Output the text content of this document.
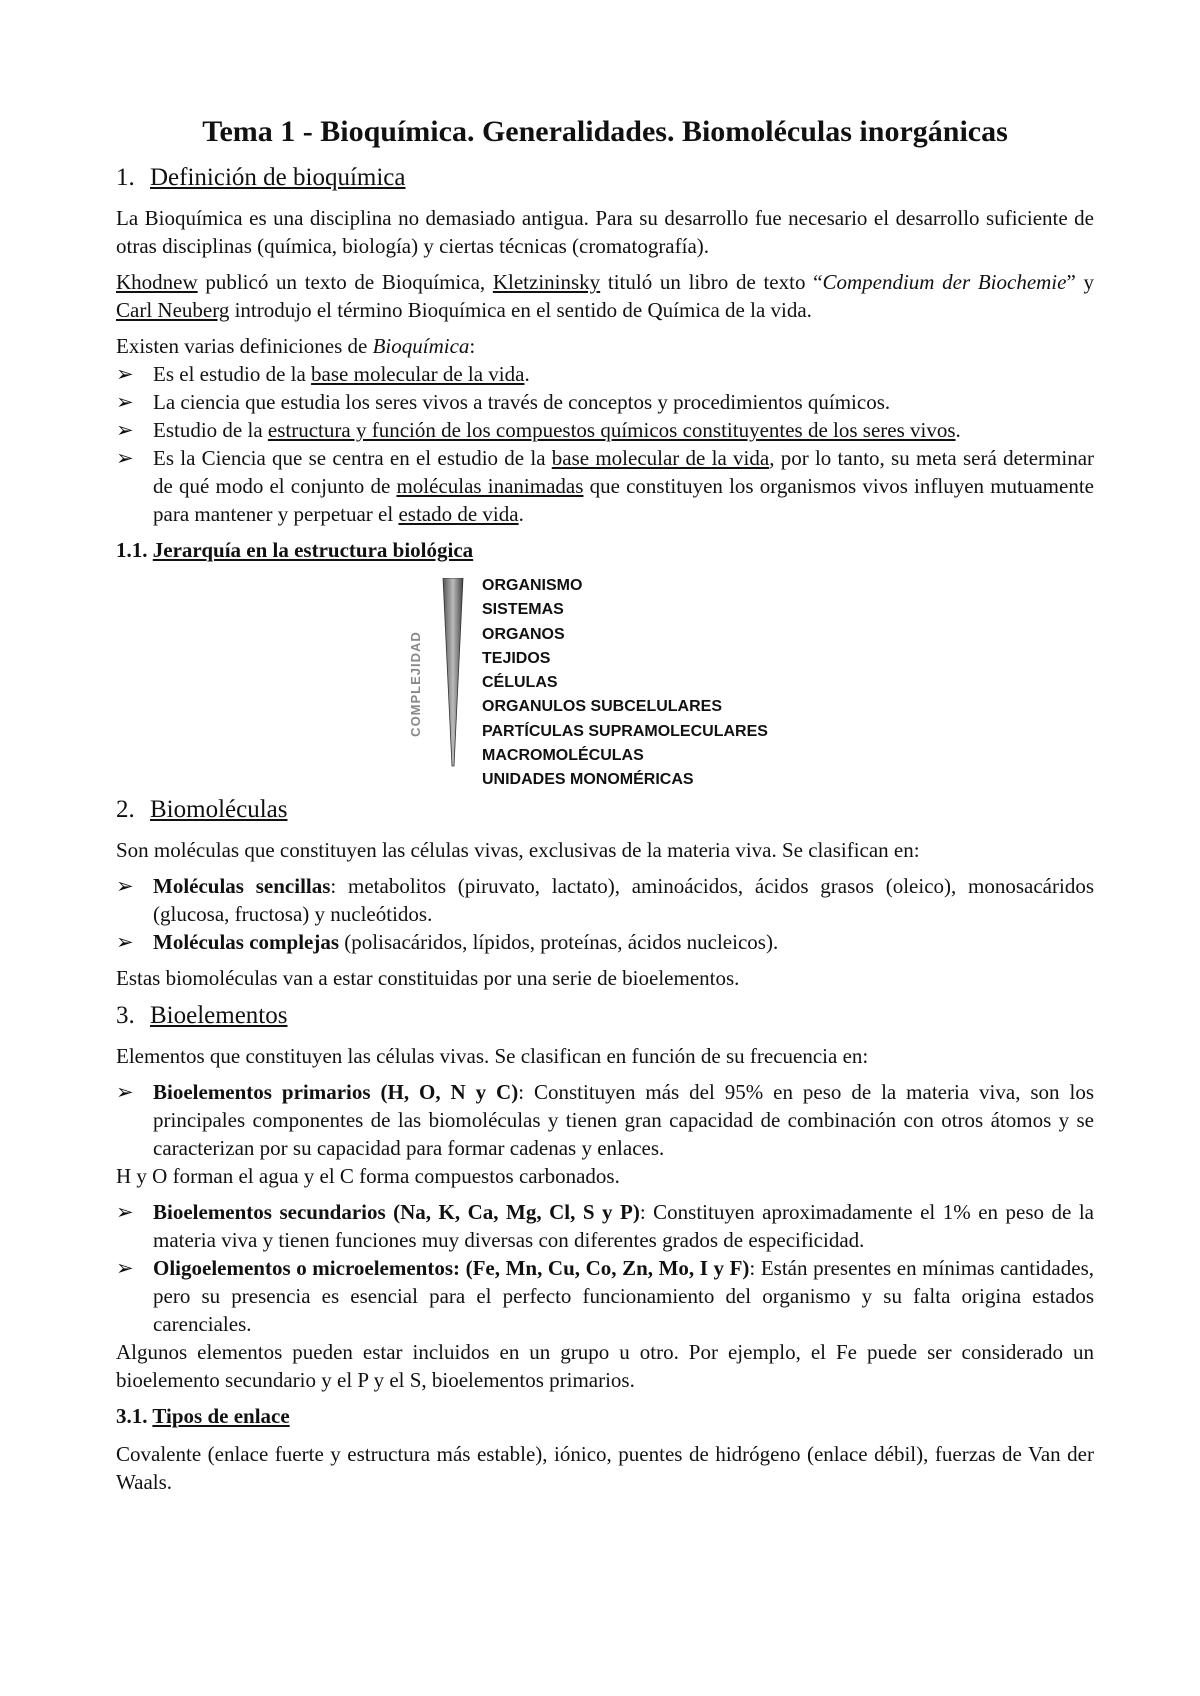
Tema 1 - Bioquímica. Generalidades. Biomoléculas inorgánicas
1. Definición de bioquímica

La Bioquímica es una disciplina no demasiado antigua. Para su desarrollo fue necesario el desarrollo suficiente de otras disciplinas (química, biología) y ciertas técnicas (cromatografía).

Khodnew publicó un texto de Bioquímica, Kletzininsky tituló un libro de texto “Compendium der Biochemie” y Carl Neuberg introdujo el término Bioquímica en el sentido de Química de la vida.

Existen varias definiciones de Bioquímica:

➢ Es el estudio de la base molecular de la vida.
➢ La ciencia que estudia los seres vivos a través de conceptos y procedimientos químicos.
➢ Estudio de la estructura y función de los compuestos químicos constituyentes de los seres vivos.
➢ Es la Ciencia que se centra en el estudio de la base molecular de la vida, por lo tanto, su meta será determinar de qué modo el conjunto de moléculas inanimadas que constituyen los organismos vivos influyen mutuamente para mantener y perpetuar el estado de vida.
1.1. Jerarquía en la estructura biológica
COMPLEJIDAD
ORGANISMO
SISTEMAS
ORGANOS
TEJIDOS
CÉLULAS
ORGANULOS SUBCELULARES
PARTÍCULAS SUPRAMOLECULARES
MACROMOLÉCULAS
UNIDADES MONOMÉRICAS
2. Biomoléculas

Son moléculas que constituyen las células vivas, exclusivas de la materia viva. Se clasifican en:

➢ Moléculas sencillas: metabolitos (piruvato, lactato), aminoácidos, ácidos grasos (oleico), monosacáridos (glucosa, fructosa) y nucleótidos.
➢ Moléculas complejas (polisacáridos, lípidos, proteínas, ácidos nucleicos).

Estas biomoléculas van a estar constituidas por una serie de bioelementos.

3. Bioelementos

Elementos que constituyen las células vivas. Se clasifican en función de su frecuencia en:

➢ Bioelementos primarios (H, O, N y C): Constituyen más del 95% en peso de la materia viva, son los principales componentes de las biomoléculas y tienen gran capacidad de combinación con otros átomos y se caracterizan por su capacidad para formar cadenas y enlaces.

H y O forman el agua y el C forma compuestos carbonados.

➢ Bioelementos secundarios (Na, K, Ca, Mg, Cl, S y P): Constituyen aproximadamente el 1% en peso de la materia viva y tienen funciones muy diversas con diferentes grados de especificidad.
➢ Oligoelementos o microelementos: (Fe, Mn, Cu, Co, Zn, Mo, I y F): Están presentes en mínimas cantidades, pero su presencia es esencial para el perfecto funcionamiento del organismo y su falta origina estados carenciales.

Algunos elementos pueden estar incluidos en un grupo u otro. Por ejemplo, el Fe puede ser considerado un bioelemento secundario y el P y el S, bioelementos primarios.

3.1. Tipos de enlace

Covalente (enlace fuerte y estructura más estable), iónico, puentes de hidrógeno (enlace débil), fuerzas de Van der Waals.
